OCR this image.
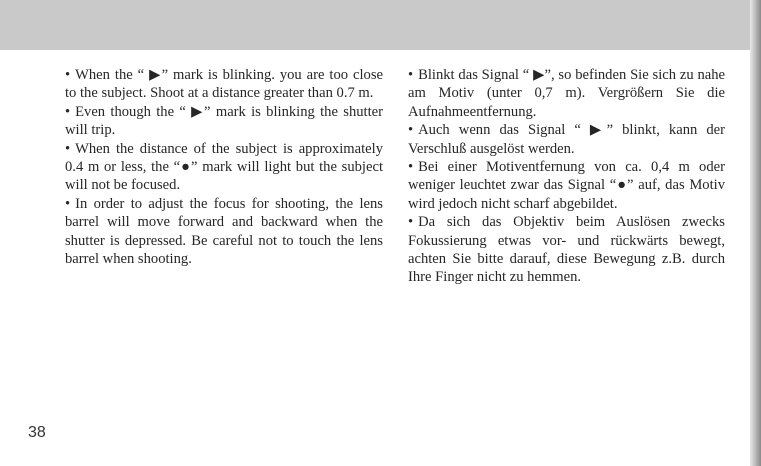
• When the “ ▶” mark is blinking. you are too close to the subject. Shoot at a distance greater than 0.7 m.

• Even though the “ ▶” mark is blinking the shutter will trip.

• When the distance of the subject is approximately 0.4 m or less, the “●” mark will light but the subject will not be focused.

• In order to adjust the focus for shooting, the lens barrel will move forward and backward when the shutter is depressed. Be careful not to touch the lens barrel when shooting.

• Blinkt das Signal “ ▶”, so befinden Sie sich zu nahe am Motiv (unter 0,7 m). Vergrößern Sie die Aufnahmeentfernung.

• Auch wenn das Signal “ ▶” blinkt, kann der Verschluß ausgelöst werden.

• Bei einer Motiventfernung von ca. 0,4 m oder weniger leuchtet zwar das Signal “●” auf, das Motiv wird jedoch nicht scharf abgebildet.

• Da sich das Objektiv beim Auslösen zwecks Fokussierung etwas vor- und rückwärts bewegt, achten Sie bitte darauf, diese Bewegung z.B. durch Ihre Finger nicht zu hemmen.

38
